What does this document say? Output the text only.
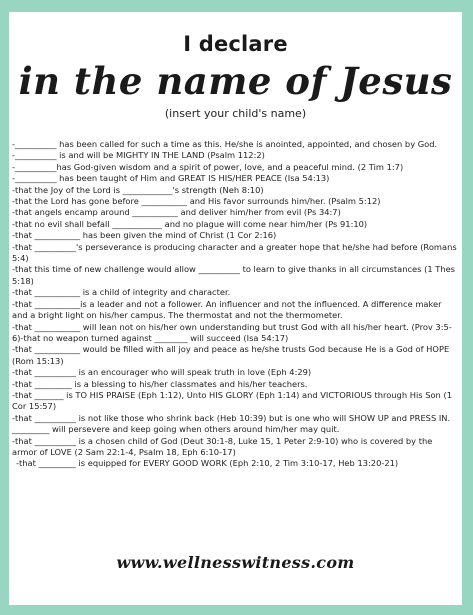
I declare
in the name of Jesus
(insert your child's name)

-__________ has been called for such a time as this. He/she is anointed, appointed, and chosen by God.

-__________ is and will be MIGHTY IN THE LAND (Psalm 112:2)

-__________has God-given wisdom and a spirit of power, love, and a peaceful mind. (2 Tim 1:7)

-__________ has been taught of Him and GREAT IS HIS/HER PEACE (Isa 54:13)

-that the Joy of the Lord is ____________'s strength (Neh 8:10)

-that the Lord has gone before ___________ and His favor surrounds him/her. (Psalm 5:12)

-that angels encamp around ___________ and deliver him/her from evil (Ps 34:7)

-that no evil shall befall ____________ and no plague will come near him/her (Ps 91:10)

-that ___________ has been given the mind of Christ (1 Cor 2:16)

-that __________'s perseverance is producing character and a greater hope that he/she had before (Romans 5:4)

-that this time of new challenge would allow __________ to learn to give thanks in all circumstances (1 Thes 5:18)

-that ___________ is a child of integrity and character.

-that ___________is a leader and not a follower. An influencer and not the influenced. A difference maker and a bright light on his/her campus. The thermostat and not the thermometer.

-that ___________ will lean not on his/her own understanding but trust God with all his/her heart. (Prov 3:5-6)-that no weapon turned against ________ will succeed (Isa 54:17)

-that ___________ would be filled with all joy and peace as he/she trusts God because He is a God of HOPE (Rom 15:13)

-that __________ is an encourager who will speak truth in love (Eph 4:29)

-that _________ is a blessing to his/her classmates and his/her teachers.

-that _______ is TO HIS PRAISE (Eph 1:12), Unto HIS GLORY (Eph 1:14) and VICTORIOUS through His Son (1 Cor 15:57)

-that __________ is not like those who shrink back (Heb 10:39) but is one who will SHOW UP and PRESS IN. _________ will persevere and keep going when others around him/her may quit.

-that __________ is a chosen child of God (Deut 30:1-8, Luke 15, 1 Peter 2:9-10) who is covered by the armor of LOVE (2 Sam 22:1-4, Psalm 18, Eph 6:10-17)

-that _________ is equipped for EVERY GOOD WORK (Eph 2:10, 2 Tim 3:10-17, Heb 13:20-21)

www.wellnesswitness.com
